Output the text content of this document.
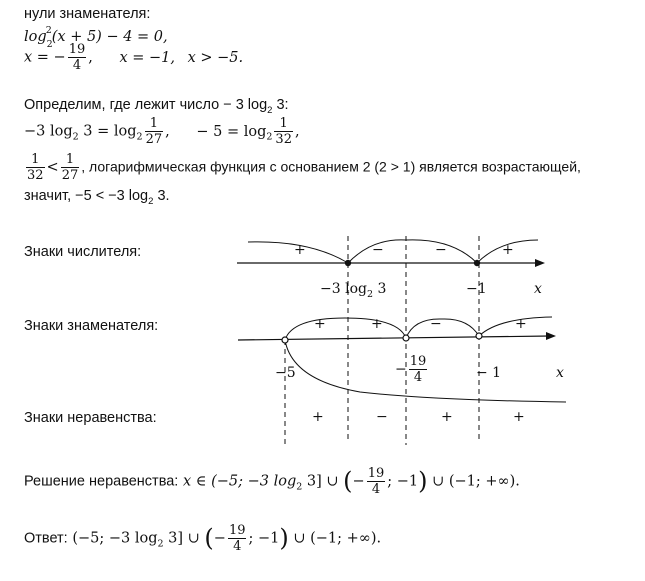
нули знаменателя:
$\log_2^2(x + 5) - 4 = 0$,
x = − $\frac{19}{4}$ , x = −1, x > −5.
Определим, где лежит число − 3 $\log_2 3$:
−3 $\log_2 3 = \log_2 \frac{1}{27}$ , − $5 = \log_2 \frac{1}{32}$ ,
$\frac{1}{32} < \frac{1}{27}$ , логарифмическая функция с основанием 2 (2 > 1) является возрастающей,
значит, −5 < −3 $\log_2 3$.
Знаки числителя:
Знаки знаменателя:
Знаки неравенства:
+	−	−	+
−3 $\log_2 3$	−1	x
+	+	−	+
−5	− $\frac{19}{4}$	− 1	x
+	−	+	+
Решение неравенства: x ∈ (−5; −3 $\log_2 3$] ∪ (− $\frac{19}{4}$ ; −1) ∪ (−1; +∞).
Ответ: (−5; −3 $\log_2 3$] ∪ (− $\frac{19}{4}$ ; −1) ∪ (−1; +∞).
